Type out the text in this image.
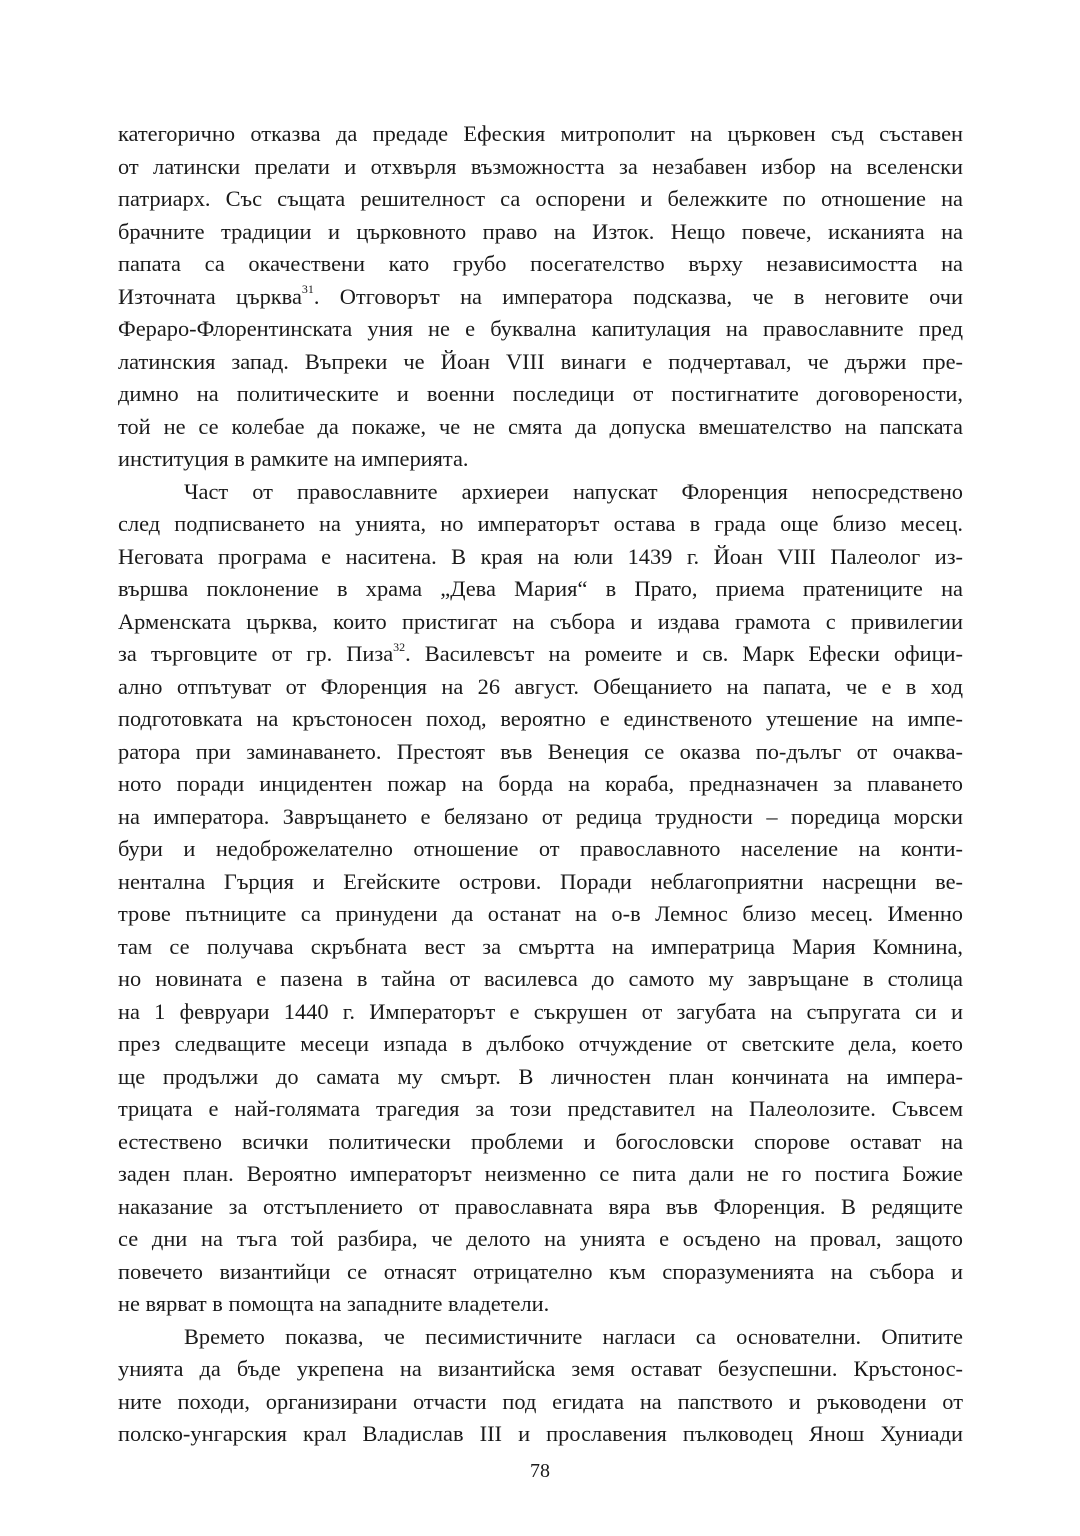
категорично отказва да предаде Ефеския митрополит на църковен съд съставен
от латински прелати и отхвърля възможността за незабавен избор на вселенски
патриарх. Със същата решителност са оспорени и бележките по отношение на
брачните традиции и църковното право на Изток. Нещо повече, исканията на
папата са окачествени като грубо посегателство върху независимостта на
Източната църква$^{31}$. Отговорът на императора подсказва, че в неговите очи
Фераро-Флорентинската уния не е буквална капитулация на православните пред
латинския запад. Въпреки че Йоан VIII винаги е подчертавал, че държи пре-
димно на политическите и военни последици от постигнатите договорености,
той не се колебае да покаже, че не смята да допуска вмешателство на папската
институция в рамките на империята.
Част от православните архиереи напускат Флоренция непосредствено
след подписването на унията, но императорът остава в града още близо месец.
Неговата програма е наситена. В края на юли 1439 г. Йоан VIII Палеолог из-
вършва поклонение в храма „Дева Мария“ в Прато, приема пратениците на
Арменската църква, които пристигат на събора и издава грамота с привилегии
за търговците от гр. Пиза$^{32}$. Василевсът на ромеите и св. Марк Ефески офици-
ално отпътуват от Флоренция на 26 август. Обещанието на папата, че е в ход
подготовката на кръстоносен поход, вероятно е единственото утешение на импе-
ратора при заминаването. Престоят във Венеция се оказва по-дълъг от очаква-
ното поради инцидентен пожар на борда на кораба, предназначен за плаването
на императора. Завръщането е белязано от редица трудности – поредица морски
бури и недоброжелателно отношение от православното население на конти-
нентална Гърция и Егейските острови. Поради неблагоприятни насрещни ве-
трове пътниците са принудени да останат на о-в Лемнос близо месец. Именно
там се получава скръбната вест за смъртта на императрица Мария Комнина,
но новината е пазена в тайна от василевса до самото му завръщане в столица
на 1 февруари 1440 г. Императорът е съкрушен от загубата на съпругата си и
през следващите месеци изпада в дълбоко отчуждение от светските дела, което
ще продължи до самата му смърт. В личностен план кончината на импера-
трицата е най-голямата трагедия за този представител на Палеолозите. Съвсем
естествено всички политически проблеми и богословски спорове остават на
заден план. Вероятно императорът неизменно се пита дали не го постига Божие
наказание за отстъплението от православната вяра във Флоренция. В редящите
се дни на тъга той разбира, че делото на унията е осъдено на провал, защото
повечето византийци се отнасят отрицателно към споразуменията на събора и
не вярват в помощта на западните владетели.
Времето показва, че песимистичните нагласи са основателни. Опитите
унията да бъде укрепена на византийска земя остават безуспешни. Кръстонос-
ните походи, организирани отчасти под егидата на папството и ръководени от
полско-унгарския крал Владислав III и прославения пълководец Янош Хуниади
78
